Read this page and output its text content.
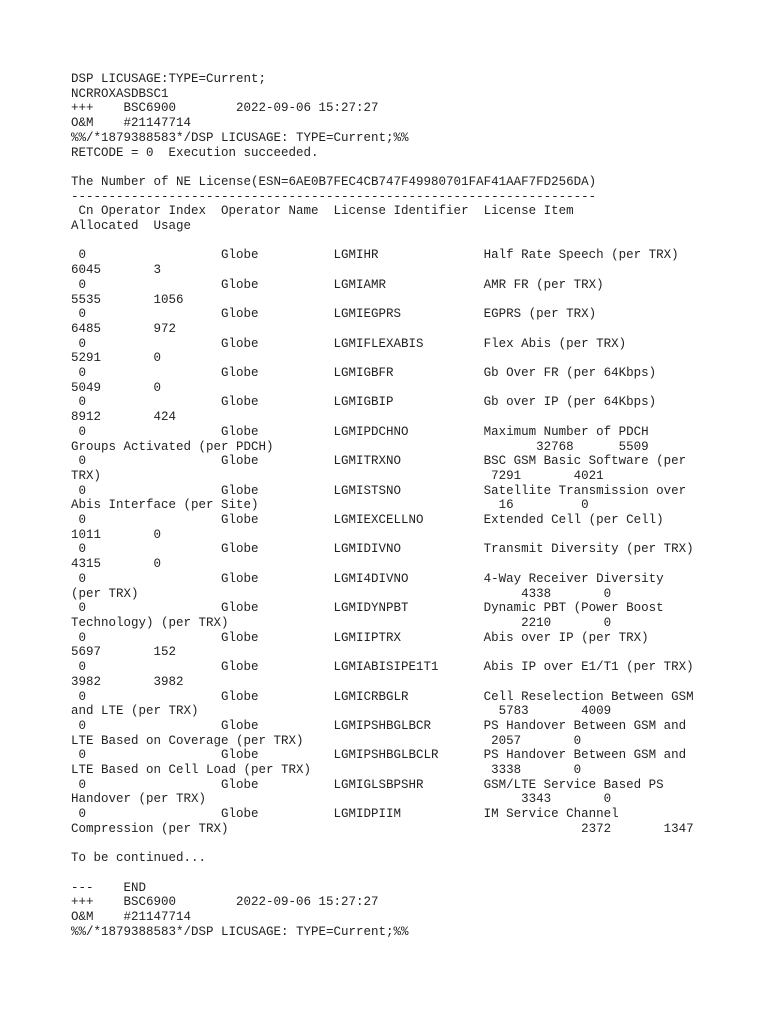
DSP LICUSAGE:TYPE=Current;
NCRROXASDBSC1
+++    BSC6900        2022-09-06 15:27:27
O&M    #21147714
%%/*1879388583*/DSP LICUSAGE: TYPE=Current;%%
RETCODE = 0  Execution succeeded.
The Number of NE License(ESN=6AE0B7FEC4CB747F49980701FAF41AAF7FD256DA)
----------------------------------------------------------------------
Cn Operator Index  Operator Name  License Identifier  License Item
Allocated  Usage
0                  Globe          LGMIHR              Half Rate Speech (per TRX)
6045       3
0                  Globe          LGMIAMR             AMR FR (per TRX)
5535       1056
0                  Globe          LGMIEGPRS           EGPRS (per TRX)
6485       972
0                  Globe          LGMIFLEXABIS        Flex Abis (per TRX)
5291       0
0                  Globe          LGMIGBFR            Gb Over FR (per 64Kbps)
5049       0
0                  Globe          LGMIGBIP            Gb over IP (per 64Kbps)
8912       424
0                  Globe          LGMIPDCHNO          Maximum Number of PDCH
Groups Activated (per PDCH)                                   32768      5509
0                  Globe          LGMITRXNO           BSC GSM Basic Software (per
TRX)                                                    7291       4021
0                  Globe          LGMISTSNO           Satellite Transmission over
Abis Interface (per Site)                                16         0
0                  Globe          LGMIEXCELLNO        Extended Cell (per Cell)
1011       0
0                  Globe          LGMIDIVNO           Transmit Diversity (per TRX)
4315       0
0                  Globe          LGMI4DIVNO          4-Way Receiver Diversity
(per TRX)                                                   4338       0
0                  Globe          LGMIDYNPBT          Dynamic PBT (Power Boost
Technology) (per TRX)                                       2210       0
0                  Globe          LGMIIPTRX           Abis over IP (per TRX)
5697       152
0                  Globe          LGMIABISIPE1T1      Abis IP over E1/T1 (per TRX)
3982       3982
0                  Globe          LGMICRBGLR          Cell Reselection Between GSM
and LTE (per TRX)                                        5783       4009
0                  Globe          LGMIPSHBGLBCR       PS Handover Between GSM and
LTE Based on Coverage (per TRX)                         2057       0
0                  Globe          LGMIPSHBGLBCLR      PS Handover Between GSM and
LTE Based on Cell Load (per TRX)                        3338       0
0                  Globe          LGMIGLSBPSHR        GSM/LTE Service Based PS
Handover (per TRX)                                          3343       0
0                  Globe          LGMIDPIIM           IM Service Channel
Compression (per TRX)                                               2372       1347
To be continued...
---    END
+++    BSC6900        2022-09-06 15:27:27
O&M    #21147714
%%/*1879388583*/DSP LICUSAGE: TYPE=Current;%%
